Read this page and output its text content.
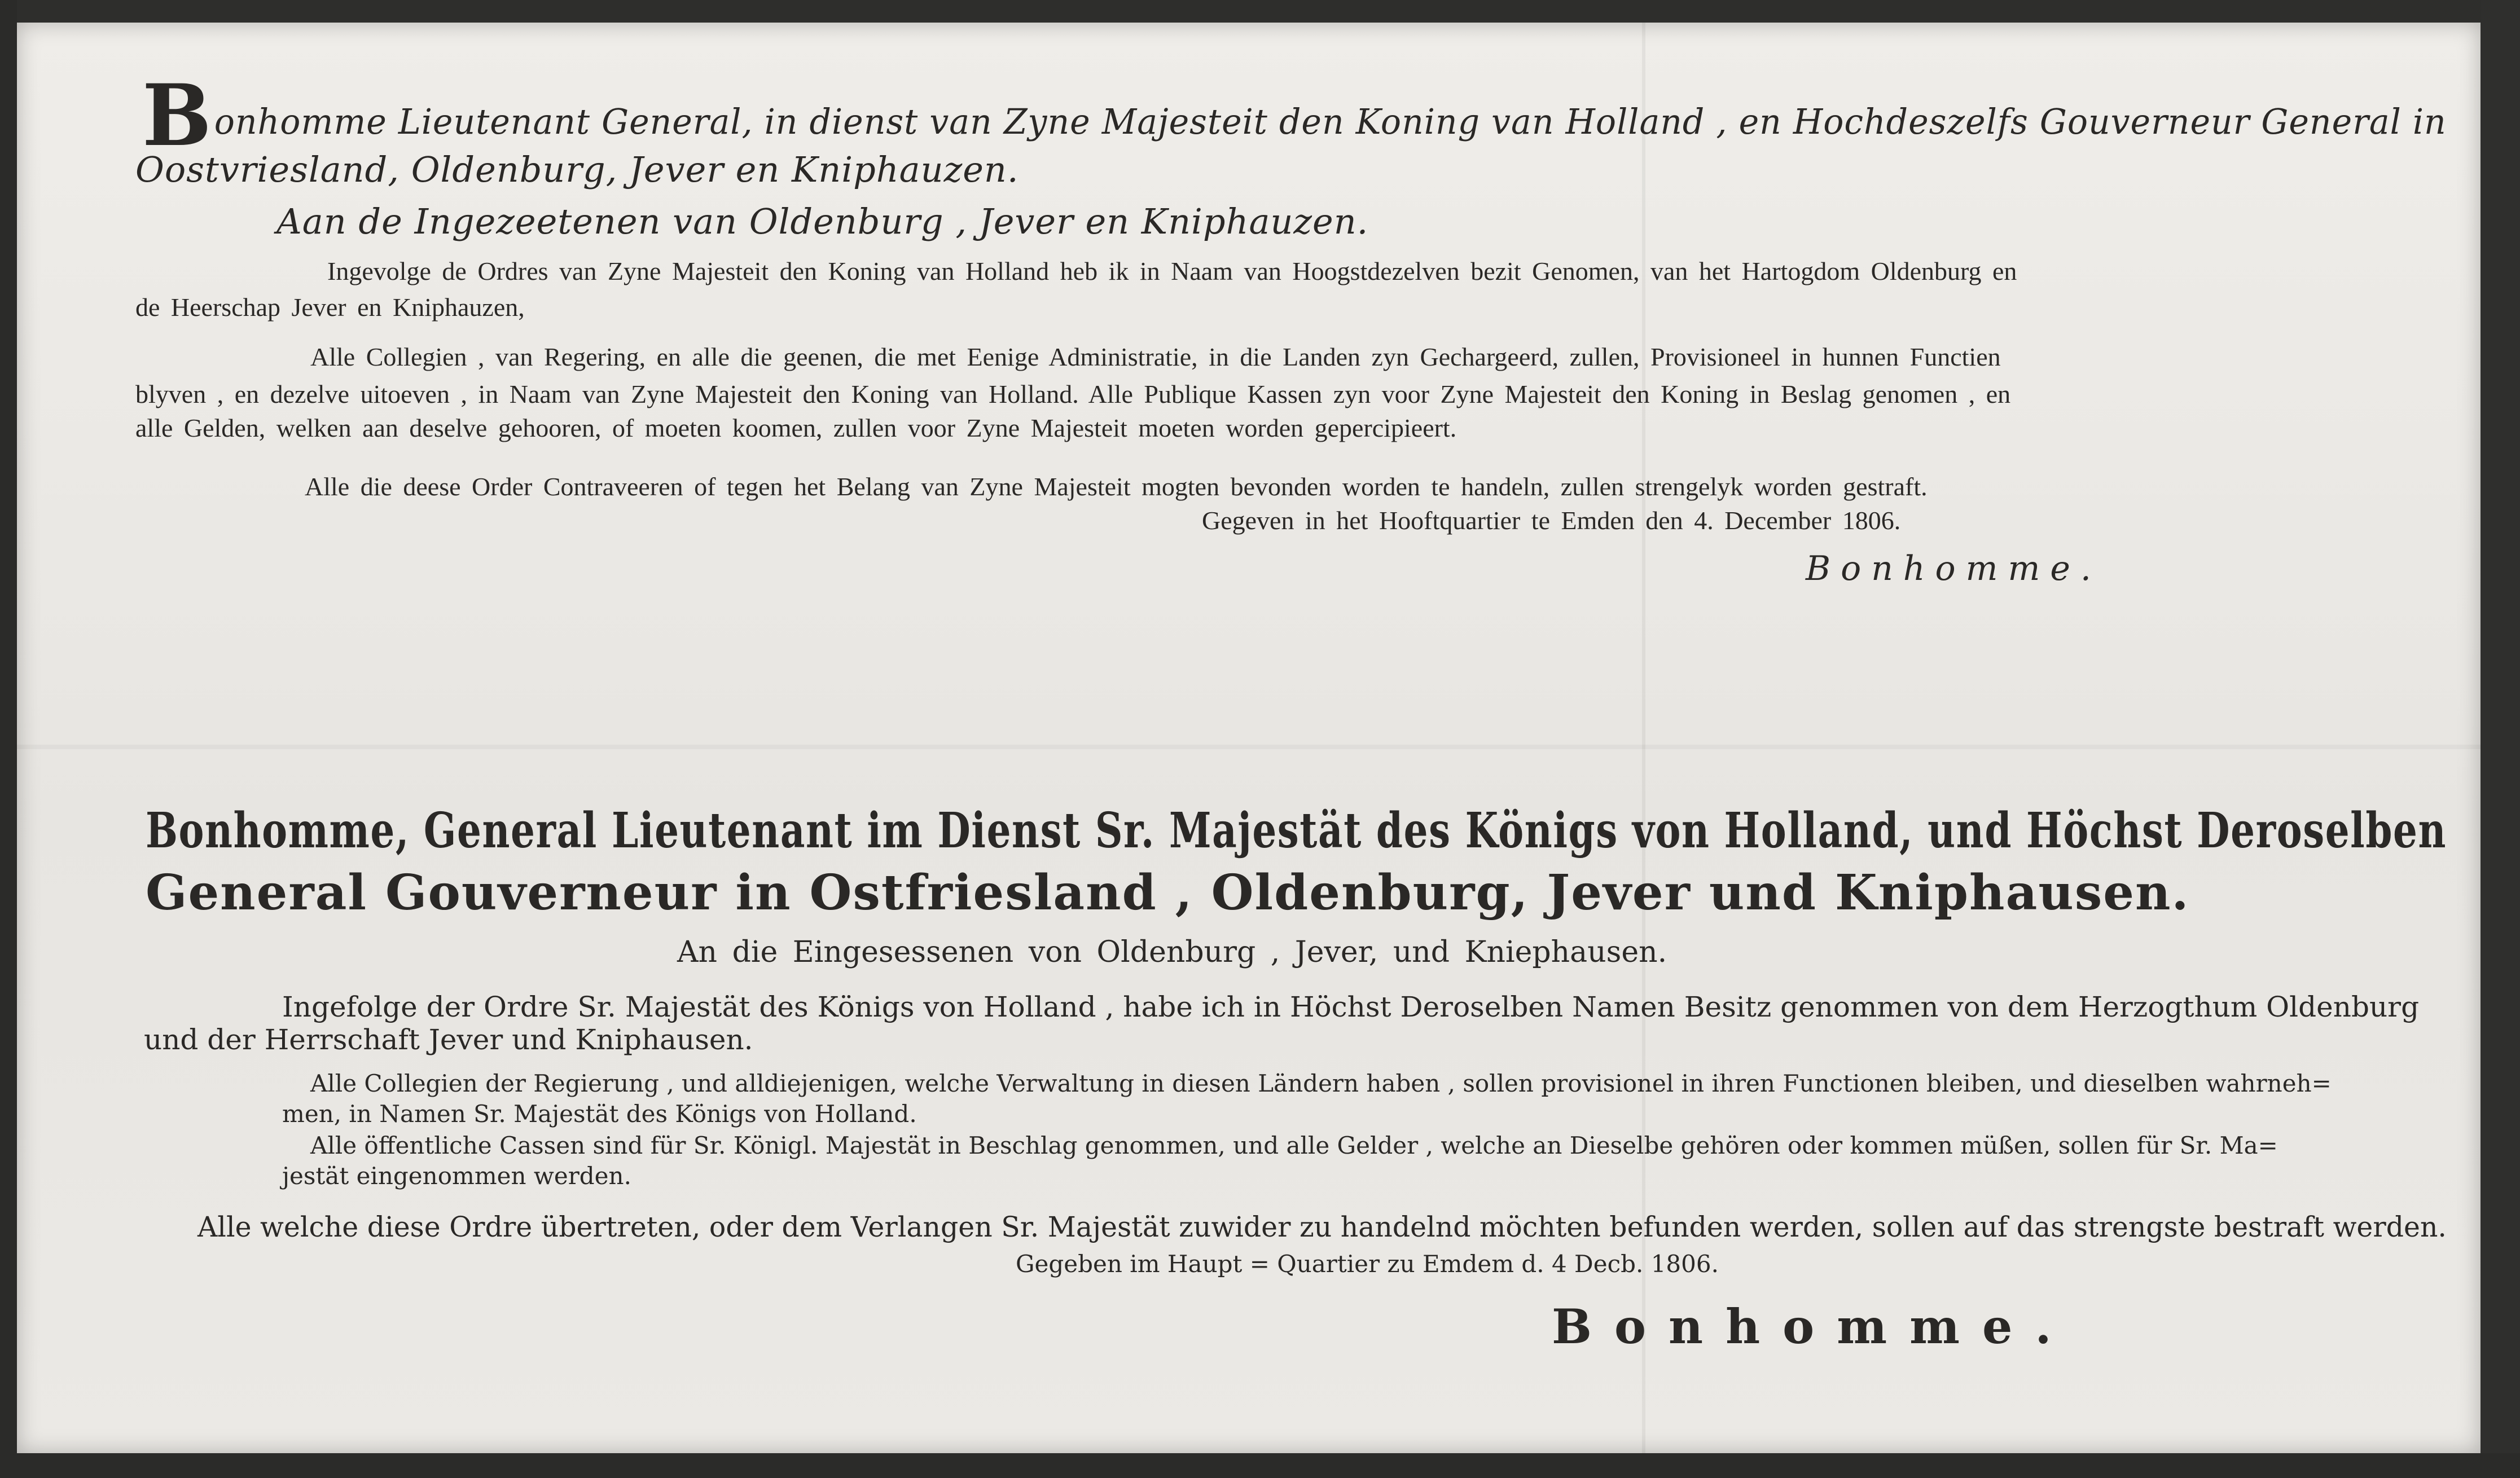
Bonhomme Lieutenant General, in dienst van Zyne Majesteit den Koning van Holland , en Hochdeszelfs Gouverneur General in
Oostvriesland, Oldenburg, Jever en Kniphauzen.
Aan de Ingezeetenen van Oldenburg , Jever en Kniphauzen.
Ingevolge de Ordres van Zyne Majesteit den Koning van Holland heb ik in Naam van Hoogstdezelven bezit Genomen, van het Hartogdom Oldenburg en
de Heerschap Jever en Kniphauzen,
Alle Collegien , van Regering, en alle die geenen, die met Eenige Administratie, in die Landen zyn Gechargeerd, zullen, Provisioneel in hunnen Functien
blyven , en dezelve uitoeven , in Naam van Zyne Majesteit den Koning van Holland. Alle Publique Kassen zyn voor Zyne Majesteit den Koning in Beslag genomen , en
alle Gelden, welken aan deselve gehooren, of moeten koomen, zullen voor Zyne Majesteit moeten worden gepercipieert.
Alle die deese Order Contraveeren of tegen het Belang van Zyne Majesteit mogten bevonden worden te handeln, zullen strengelyk worden gestraft.
Gegeven in het Hooftquartier te Emden den 4. December 1806.
Bonhomme.
Bonhomme, General Lieutenant im Dienst Sr. Majestät des Königs von Holland, und Höchst Deroselben
General Gouverneur in Ostfriesland , Oldenburg, Jever und Kniphausen.
An die Eingesessenen von Oldenburg , Jever, und Kniephausen.
Ingefolge der Ordre Sr. Majestät des Königs von Holland , habe ich in Höchst Deroselben Namen Besitz genommen von dem Herzogthum Oldenburg
und der Herrschaft Jever und Kniphausen.
Alle Collegien der Regierung , und alldiejenigen, welche Verwaltung in diesen Ländern haben , sollen provisionel in ihren Functionen bleiben, und dieselben wahrneh=
men, in Namen Sr. Majestät des Königs von Holland.
Alle öffentliche Cassen sind für Sr. Königl. Majestät in Beschlag genommen, und alle Gelder , welche an Dieselbe gehören oder kommen müßen, sollen für Sr. Ma=
jestät eingenommen werden.
Alle welche diese Ordre übertreten, oder dem Verlangen Sr. Majestät zuwider zu handelnd möchten befunden werden, sollen auf das strengste bestraft werden.
Gegeben im Haupt = Quartier zu Emdem d. 4 Decb. 1806.
Bonhomme.
